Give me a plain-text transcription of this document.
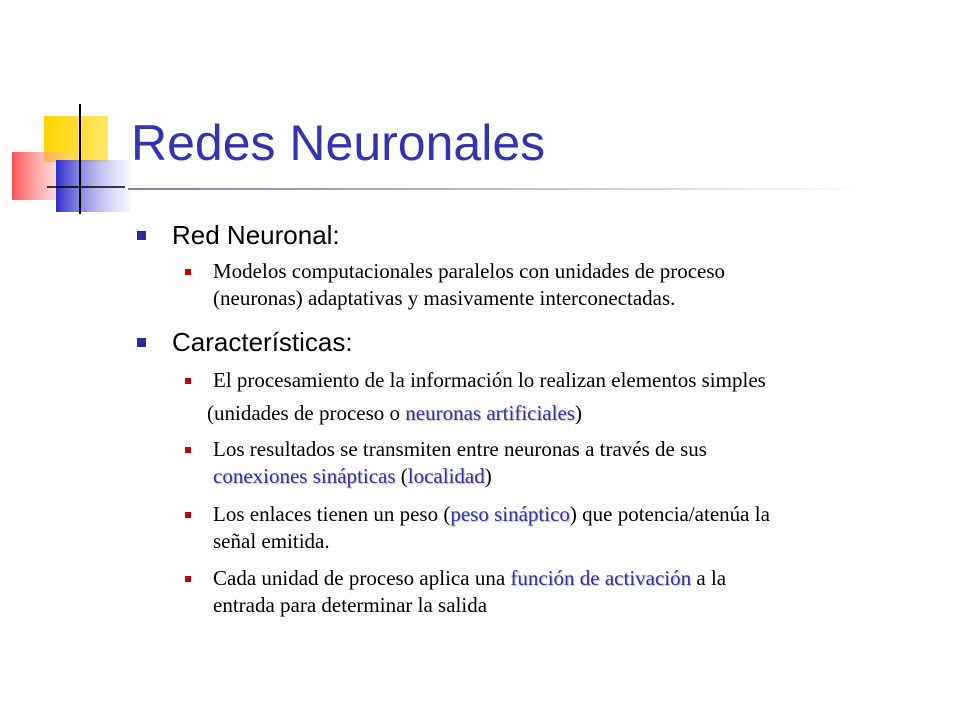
Redes Neuronales
Red Neuronal:
Modelos computacionales paralelos con unidades de proceso
(neuronas) adaptativas y masivamente interconectadas.
Características:
El procesamiento de la información lo realizan elementos simples
(unidades de proceso o neuronas artificiales)
Los resultados se transmiten entre neuronas a través de sus
conexiones sinápticas (localidad)
Los enlaces tienen un peso (peso sináptico) que potencia/atenúa la
señal emitida.
Cada unidad de proceso aplica una función de activación a la
entrada para determinar la salida
